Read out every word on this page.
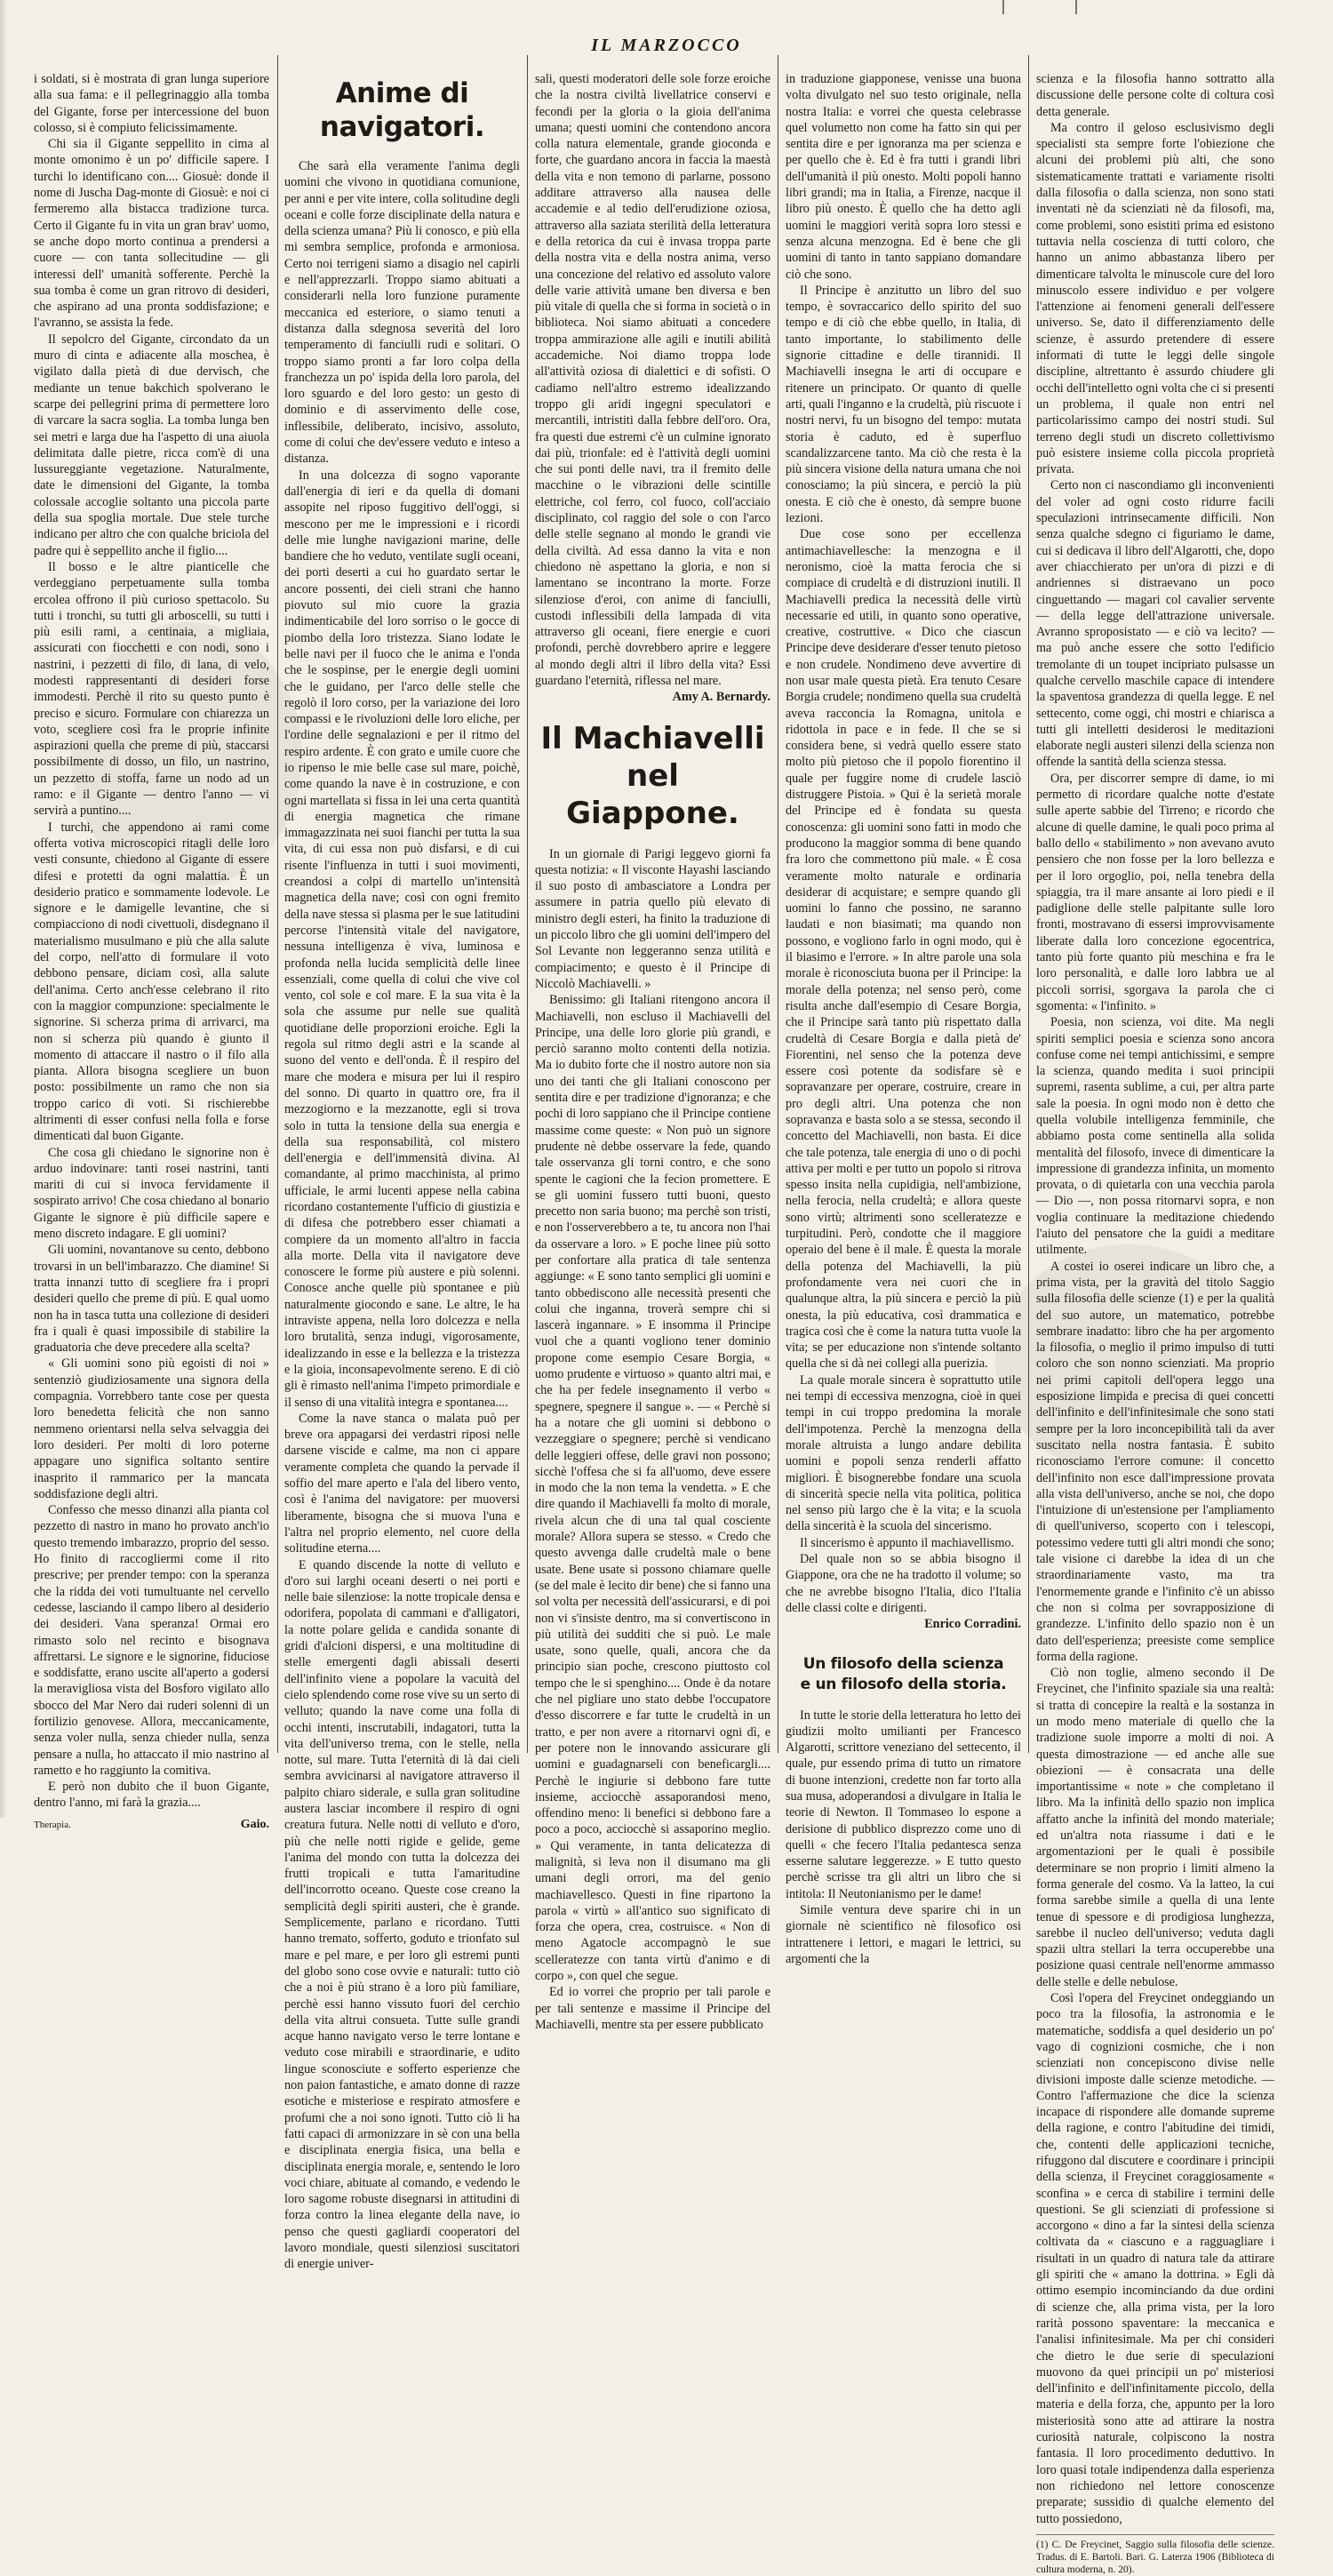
IL MARZOCCO

i soldati, si è mostrata di gran lunga superiore alla sua fama: e il pellegrinaggio alla tomba del Gigante, forse per intercessione del buon colosso, si è compiuto felicissimamente.

Chi sia il Gigante seppellito in cima al monte omonimo è un po' difficile sapere. I turchi lo identificano con.... Giosuè: donde il nome di Juscha Dag-monte di Giosuè: e noi ci fermeremo alla bistacca tradizione turca. Certo il Gigante fu in vita un gran brav' uomo, se anche dopo morto continua a prendersi a cuore — con tanta sollecitudine — gli interessi dell' umanità sofferente. Perchè la sua tomba è come un gran ritrovo di desideri, che aspirano ad una pronta soddisfazione; e l'avranno, se assista la fede.

Il sepolcro del Gigante, circondato da un muro di cinta e adiacente alla moschea, è vigilato dalla pietà di due dervisch, che mediante un tenue bakchich spolverano le scarpe dei pellegrini prima di permettere loro di varcare la sacra soglia. La tomba lunga ben sei metri e larga due ha l'aspetto di una aiuola delimitata dalle pietre, ricca com'è di una lussureggiante vegetazione. Naturalmente, date le dimensioni del Gigante, la tomba colossale accoglie soltanto una piccola parte della sua spoglia mortale. Due stele turche indicano per altro che con qualche briciola del padre qui è seppellito anche il figlio....

Il bosso e le altre pianticelle che verdeggiano perpetuamente sulla tomba ercolea offrono il più curioso spettacolo. Su tutti i tronchi, su tutti gli arboscelli, su tutti i più esili rami, a centinaia, a migliaia, assicurati con fiocchetti e con nodi, sono i nastrini, i pezzetti di filo, di lana, di velo, modesti rappresentanti di desideri forse immodesti. Perchè il rito su questo punto è preciso e sicuro. Formulare con chiarezza un voto, scegliere così fra le proprie infinite aspirazioni quella che preme di più, staccarsi possibilmente di dosso, un filo, un nastrino, un pezzetto di stoffa, farne un nodo ad un ramo: e il Gigante — dentro l'anno — vi servirà a puntino....

I turchi, che appendono ai rami come offerta votiva microscopici ritagli delle loro vesti consunte, chiedono al Gigante di essere difesi e protetti da ogni malattia. È un desiderio pratico e sommamente lodevole. Le signore e le damigelle levantine, che si compiacciono di nodi civettuoli, disdegnano il materialismo musulmano e più che alla salute del corpo, nell'atto di formulare il voto debbono pensare, diciam così, alla salute dell'anima. Certo anch'esse celebrano il rito con la maggior compunzione: specialmente le signorine. Si scherza prima di arrivarci, ma non si scherza più quando è giunto il momento di attaccare il nastro o il filo alla pianta. Allora bisogna scegliere un buon posto: possibilmente un ramo che non sia troppo carico di voti. Si rischierebbe altrimenti di esser confusi nella folla e forse dimenticati dal buon Gigante.

Che cosa gli chiedano le signorine non è arduo indovinare: tanti rosei nastrini, tanti mariti di cui si invoca fervidamente il sospirato arrivo! Che cosa chiedano al bonario Gigante le signore è più difficile sapere e meno discreto indagare. E gli uomini?

Gli uomini, novantanove su cento, debbono trovarsi in un bell'imbarazzo. Che diamine! Si tratta innanzi tutto di scegliere fra i propri desideri quello che preme di più. E qual uomo non ha in tasca tutta una collezione di desideri fra i quali è quasi impossibile di stabilire la graduatoria che deve precedere alla scelta?

« Gli uomini sono più egoisti di noi » sentenziò giudiziosamente una signora della compagnia. Vorrebbero tante cose per questa loro benedetta felicità che non sanno nemmeno orientarsi nella selva selvaggia dei loro desideri. Per molti di loro poterne appagare uno significa soltanto sentire inasprito il rammarico per la mancata soddisfazione degli altri.

Confesso che messo dinanzi alla pianta col pezzetto di nastro in mano ho provato anch'io questo tremendo imbarazzo, proprio del sesso. Ho finito di raccogliermi come il rito prescrive; per prender tempo: con la speranza che la ridda dei voti tumultuante nel cervello cedesse, lasciando il campo libero al desiderio dei desideri. Vana speranza! Ormai ero rimasto solo nel recinto e bisognava affrettarsi. Le signore e le signorine, fiduciose e soddisfatte, erano uscite all'aperto a godersi la meravigliosa vista del Bosforo vigilato allo sbocco del Mar Nero dai ruderi solenni di un fortilizio genovese. Allora, meccanicamente, senza voler nulla, senza chieder nulla, senza pensare a nulla, ho attaccato il mio nastrino al rametto e ho raggiunto la comitiva.

E però non dubito che il buon Gigante, dentro l'anno, mi farà la grazia....

Therapia.	Gaio.
Anime di navigatori.

Che sarà ella veramente l'anima degli uomini che vivono in quotidiana comunione, per anni e per vite intere, colla solitudine degli oceani e colle forze disciplinate della natura e della scienza umana? Più li conosco, e più ella mi sembra semplice, profonda e armoniosa. Certo noi terrigeni siamo a disagio nel capirli e nell'apprezzarli. Troppo siamo abituati a considerarli nella loro funzione puramente meccanica ed esteriore, o siamo tenuti a distanza dalla sdegnosa severità del loro temperamento di fanciulli rudi e solitari. O troppo siamo pronti a far loro colpa della franchezza un po' ispida della loro parola, del loro sguardo e del loro gesto: un gesto di dominio e di asservimento delle cose, inflessibile, deliberato, incisivo, assoluto, come di colui che dev'essere veduto e inteso a distanza.

In una dolcezza di sogno vaporante dall'energia di ieri e da quella di domani assopite nel riposo fuggitivo dell'oggi, si mescono per me le impressioni e i ricordi delle mie lunghe navigazioni marine, delle bandiere che ho veduto, ventilate sugli oceani, dei porti deserti a cui ho guardato sertar le ancore possenti, dei cieli strani che hanno piovuto sul mio cuore la grazia indimenticabile del loro sorriso o le gocce di piombo della loro tristezza. Siano lodate le belle navi per il fuoco che le anima e l'onda che le sospinse, per le energie degli uomini che le guidano, per l'arco delle stelle che regolò il loro corso, per la variazione dei loro compassi e le rivoluzioni delle loro eliche, per l'ordine delle segnalazioni e per il ritmo del respiro ardente. È con grato e umile cuore che io ripenso le mie belle case sul mare, poichè, come quando la nave è in costruzione, e con ogni martellata si fissa in lei una certa quantità di energia magnetica che rimane immagazzinata nei suoi fianchi per tutta la sua vita, di cui essa non può disfarsi, e di cui risente l'influenza in tutti i suoi movimenti, creandosi a colpi di martello un'intensità magnetica della nave; così con ogni fremito della nave stessa si plasma per le sue latitudini percorse l'intensità vitale del navigatore, nessuna intelligenza è viva, luminosa e profonda nella lucida semplicità delle linee essenziali, come quella di colui che vive col vento, col sole e col mare. E la sua vita è la sola che assume pur nelle sue qualità quotidiane delle proporzioni eroiche. Egli la regola sul ritmo degli astri e la scande al suono del vento e dell'onda. È il respiro del mare che modera e misura per lui il respiro del sonno. Di quarto in quattro ore, fra il mezzogiorno e la mezzanotte, egli si trova solo in tutta la tensione della sua energia e della sua responsabilità, col mistero dell'energia e dell'immensità divina. Al comandante, al primo macchinista, al primo ufficiale, le armi lucenti appese nella cabina ricordano costantemente l'ufficio di giustizia e di difesa che potrebbero esser chiamati a compiere da un momento all'altro in faccia alla morte. Della vita il navigatore deve conoscere le forme più austere e più solenni. Conosce anche quelle più spontanee e più naturalmente giocondo e sane. Le altre, le ha intraviste appena, nella loro dolcezza e nella loro brutalità, senza indugi, vigorosamente, idealizzando in esse e la bellezza e la tristezza e la gioia, inconsapevolmente sereno. E di ciò gli è rimasto nell'anima l'impeto primordiale e il senso di una vitalità integra e spontanea....

Come la nave stanca o malata può per breve ora appagarsi dei verdastri riposi nelle darsene viscide e calme, ma non ci appare veramente completa che quando la pervade il soffio del mare aperto e l'ala del libero vento, così è l'anima del navigatore: per muoversi liberamente, bisogna che si muova l'una e l'altra nel proprio elemento, nel cuore della solitudine eterna....

E quando discende la notte di velluto e d'oro sui larghi oceani deserti o nei porti e nelle baie silenziose: la notte tropicale densa e odorifera, popolata di cammani e d'alligatori, la notte polare gelida e candida sonante di gridi d'alcioni dispersi, e una moltitudine di stelle emergenti dagli abissali deserti dell'infinito viene a popolare la vacuità del cielo splendendo come rose vive su un serto di velluto; quando la nave come una folla di occhi intenti, inscrutabili, indagatori, tutta la vita dell'universo trema, con le stelle, nella notte, sul mare. Tutta l'eternità di là dai cieli sembra avvicinarsi al navigatore attraverso il palpito chiaro siderale, e sulla gran solitudine austera lasciar incombere il respiro di ogni creatura futura. Nelle notti di velluto e d'oro, più che nelle notti rigide e gelide, geme l'anima del mondo con tutta la dolcezza dei frutti tropicali e tutta l'amaritudine dell'incorrotto oceano. Queste cose creano la semplicità degli spiriti austeri, che è grande. Semplicemente, parlano e ricordano. Tutti hanno tremato, sofferto, goduto e trionfato sul mare e pel mare, e per loro gli estremi punti del globo sono cose ovvie e naturali: tutto ciò che a noi è più strano è a loro più familiare, perchè essi hanno vissuto fuori del cerchio della vita altrui consueta. Tutte sulle grandi acque hanno navigato verso le terre lontane e veduto cose mirabili e straordinarie, e udito lingue sconosciute e sofferto esperienze che non paion fantastiche, e amato donne di razze esotiche e misteriose e respirato atmosfere e profumi che a noi sono ignoti. Tutto ciò li ha fatti capaci di armonizzare in sè con una bella e disciplinata energia fisica, una bella e disciplinata energia morale, e, sentendo le loro voci chiare, abituate al comando, e vedendo le loro sagome robuste disegnarsi in attitudini di forza contro la linea elegante della nave, io penso che questi gagliardi cooperatori del lavoro mondiale, questi silenziosi suscitatori di energie univer-

sali, questi moderatori delle sole forze eroiche che la nostra civiltà livellatrice conservi e fecondi per la gloria o la gioia dell'anima umana; questi uomini che contendono ancora colla natura elementale, grande gioconda e forte, che guardano ancora in faccia la maestà della vita e non temono di parlarne, possono additare attraverso alla nausea delle accademie e al tedio dell'erudizione oziosa, attraverso alla saziata sterilità della letteratura e della retorica da cui è invasa troppa parte della nostra vita e della nostra anima, verso una concezione del relativo ed assoluto valore delle varie attività umane ben diversa e ben più vitale di quella che si forma in società o in biblioteca. Noi siamo abituati a concedere troppa ammirazione alle agili e inutili abilità accademiche. Noi diamo troppa lode all'attività oziosa di dialettici e di sofisti. O cadiamo nell'altro estremo idealizzando troppo gli aridi ingegni speculatori e mercantili, intristiti dalla febbre dell'oro. Ora, fra questi due estremi c'è un culmine ignorato dai più, trionfale: ed è l'attività degli uomini che sui ponti delle navi, tra il fremito delle macchine o le vibrazioni delle scintille elettriche, col ferro, col fuoco, coll'acciaio disciplinato, col raggio del sole o con l'arco delle stelle segnano al mondo le grandi vie della civiltà. Ad essa danno la vita e non chiedono nè aspettano la gloria, e non si lamentano se incontrano la morte. Forze silenziose d'eroi, con anime di fanciulli, custodi inflessibili della lampada di vita attraverso gli oceani, fiere energie e cuori profondi, perchè dovrebbero aprire e leggere al mondo degli altri il libro della vita? Essi guardano l'eternità, riflessa nel mare.

Amy A. Bernardy.

Il Machiavelli
nel Giappone.

In un giornale di Parigi leggevo giorni fa questa notizia: « Il visconte Hayashi lasciando il suo posto di ambasciatore a Londra per assumere in patria quello più elevato di ministro degli esteri, ha finito la traduzione di un piccolo libro che gli uomini dell'impero del Sol Levante non leggeranno senza utilità e compiacimento; e questo è il Principe di Niccolò Machiavelli. »

Benissimo: gli Italiani ritengono ancora il Machiavelli, non escluso il Machiavelli del Principe, una delle loro glorie più grandi, e perciò saranno molto contenti della notizia. Ma io dubito forte che il nostro autore non sia uno dei tanti che gli Italiani conoscono per sentita dire e per tradizione d'ignoranza; e che pochi di loro sappiano che il Principe contiene massime come queste: « Non può un signore prudente nè debbe osservare la fede, quando tale osservanza gli torni contro, e che sono spente le cagioni che la fecion promettere. E se gli uomini fussero tutti buoni, questo precetto non saria buono; ma perchè son tristi, e non l'osserverebbero a te, tu ancora non l'hai da osservare a loro. » E poche linee più sotto per confortare alla pratica di tale sentenza aggiunge: « E sono tanto semplici gli uomini e tanto obbediscono alle necessità presenti che colui che inganna, troverà sempre chi si lascerà ingannare. » E insomma il Principe vuol che a quanti vogliono tener dominio propone come esempio Cesare Borgia, « uomo prudente e virtuoso » quanto altri mai, e che ha per fedele insegnamento il verbo « spegnere, spegnere il sangue ». — « Perchè si ha a notare che gli uomini si debbono o vezzeggiare o spegnere; perchè si vendicano delle leggieri offese, delle gravi non possono; sicchè l'offesa che si fa all'uomo, deve essere in modo che la non tema la vendetta. » E che dire quando il Machiavelli fa molto di morale, rivela alcun che di una tal qual cosciente morale? Allora supera se stesso. « Credo che questo avvenga dalle crudeltà male o bene usate. Bene usate si possono chiamare quelle (se del male è lecito dir bene) che si fanno una sol volta per necessità dell'assicurarsi, e di poi non vi s'insiste dentro, ma si convertiscono in più utilità dei sudditi che si può. Le male usate, sono quelle, quali, ancora che da principio sian poche, crescono piuttosto col tempo che le si spenghino.... Onde è da notare che nel pigliare uno stato debbe l'occupatore d'esso discorrere e far tutte le crudeltà in un tratto, e per non avere a ritornarvi ogni dì, e per potere non le innovando assicurare gli uomini e guadagnarseli con beneficargli.... Perchè le ingiurie si debbono fare tutte insieme, acciocchè assaporandosi meno, offendino meno: li benefici si debbono fare a poco a poco, acciocchè si assaporino meglio. » Qui veramente, in tanta delicatezza di malignità, si leva non il disumano ma gli umani degli orrori, ma del genio machiavellesco. Questi in fine ripartono la parola « virtù » all'antico suo significato di forza che opera, crea, costruisce. « Non di meno Agatocle accompagnò le sue scelleratezze con tanta virtù d'animo e di corpo », con quel che segue.

Ed io vorrei che proprio per tali parole e per tali sentenze e massime il Principe del Machiavelli, mentre sta per essere pubblicato

in traduzione giapponese, venisse una buona volta divulgato nel suo testo originale, nella nostra Italia: e vorrei che questa celebrasse quel volumetto non come ha fatto sin qui per sentita dire e per ignoranza ma per scienza e per quello che è. Ed è fra tutti i grandi libri dell'umanità il più onesto. Molti popoli hanno libri grandi; ma in Italia, a Firenze, nacque il libro più onesto. È quello che ha detto agli uomini le maggiori verità sopra loro stessi e senza alcuna menzogna. Ed è bene che gli uomini di tanto in tanto sappiano domandare ciò che sono.

Il Principe è anzitutto un libro del suo tempo, è sovraccarico dello spirito del suo tempo e di ciò che ebbe quello, in Italia, di tanto importante, lo stabilimento delle signorie cittadine e delle tirannidi. Il Machiavelli insegna le arti di occupare e ritenere un principato. Or quanto di quelle arti, quali l'inganno e la crudeltà, più riscuote i nostri nervi, fu un bisogno del tempo: mutata storia è caduto, ed è superfluo scandalizzarcene tanto. Ma ciò che resta è la più sincera visione della natura umana che noi conosciamo; la più sincera, e perciò la più onesta. E ciò che è onesto, dà sempre buone lezioni.

Due cose sono per eccellenza antimachiavellesche: la menzogna e il neronismo, cioè la matta ferocia che si compiace di crudeltà e di distruzioni inutili. Il Machiavelli predica la necessità delle virtù necessarie ed utili, in quanto sono operative, creative, costruttive. « Dico che ciascun Principe deve desiderare d'esser tenuto pietoso e non crudele. Nondimeno deve avvertire di non usar male questa pietà. Era tenuto Cesare Borgia crudele; nondimeno quella sua crudeltà aveva racconcia la Romagna, unitola e ridottola in pace e in fede. Il che se si considera bene, si vedrà quello essere stato molto più pietoso che il popolo fiorentino il quale per fuggire nome di crudele lasciò distruggere Pistoia. » Qui è la serietà morale del Principe ed è fondata su questa conoscenza: gli uomini sono fatti in modo che producono la maggior somma di bene quando fra loro che commettono più male. « È cosa veramente molto naturale e ordinaria desiderar di acquistare; e sempre quando gli uomini lo fanno che possino, ne saranno laudati e non biasimati; ma quando non possono, e vogliono farlo in ogni modo, qui è il biasimo e l'errore. » In altre parole una sola morale è riconosciuta buona per il Principe: la morale della potenza; nel senso però, come risulta anche dall'esempio di Cesare Borgia, che il Principe sarà tanto più rispettato dalla crudeltà di Cesare Borgia e dalla pietà de' Fiorentini, nel senso che la potenza deve essere così potente da sodisfare sè e sopravanzare per operare, costruire, creare in pro degli altri. Una potenza che non sopravanza e basta solo a se stessa, secondo il concetto del Machiavelli, non basta. Ei dice che tale potenza, tale energia di uno o di pochi attiva per molti e per tutto un popolo si ritrova spesso insita nella cupidigia, nell'ambizione, nella ferocia, nella crudeltà; e allora queste sono virtù; altrimenti sono scelleratezze e turpitudini. Però, condotte che il maggiore operaio del bene è il male. È questa la morale della potenza del Machiavelli, la più profondamente vera nei cuori che in qualunque altra, la più sincera e perciò la più onesta, la più educativa, così drammatica e tragica così che è come la natura tutta vuole la vita; se per educazione non s'intende soltanto quella che si dà nei collegi alla puerizia.

La quale morale sincera è soprattutto utile nei tempi di eccessiva menzogna, cioè in quei tempi in cui troppo predomina la morale dell'impotenza. Perchè la menzogna della morale altruista a lungo andare debilita uomini e popoli senza renderli affatto migliori. È bisognerebbe fondare una scuola di sincerità specie nella vita politica, politica nel senso più largo che è la vita; e la scuola della sincerità è la scuola del sincerismo.

Il sincerismo è appunto il machiavellismo.

Del quale non so se abbia bisogno il Giappone, ora che ne ha tradotto il volume; so che ne avrebbe bisogno l'Italia, dico l'Italia delle classi colte e dirigenti.

Enrico Corradini.

Un filosofo della scienza
e un filosofo della storia.

In tutte le storie della letteratura ho letto dei giudizii molto umilianti per Francesco Algarotti, scrittore veneziano del settecento, il quale, pur essendo prima di tutto un rimatore di buone intenzioni, credette non far torto alla sua musa, adoperandosi a divulgare in Italia le teorie di Newton. Il Tommaseo lo espone a derisione di pubblico disprezzo come uno di quelli « che fecero l'Italia pedantesca senza esserne salutare leggerezze. » E tutto questo perchè scrisse tra gli altri un libro che si intitola: Il Neutonianismo per le dame!

Simile ventura deve sparire chi in un giornale nè scientifico nè filosofico osi intrattenere i lettori, e magari le lettrici, su argomenti che la

scienza e la filosofia hanno sottratto alla discussione delle persone colte di coltura così detta generale.

Ma contro il geloso esclusivismo degli specialisti sta sempre forte l'obiezione che alcuni dei problemi più alti, che sono sistematicamente trattati e variamente risolti dalla filosofia o dalla scienza, non sono stati inventati nè da scienziati nè da filosofi, ma, come problemi, sono esistiti prima ed esistono tuttavia nella coscienza di tutti coloro, che hanno un animo abbastanza libero per dimenticare talvolta le minuscole cure del loro minuscolo essere individuo e per volgere l'attenzione ai fenomeni generali dell'essere universo. Se, dato il differenziamento delle scienze, è assurdo pretendere di essere informati di tutte le leggi delle singole discipline, altrettanto è assurdo chiudere gli occhi dell'intelletto ogni volta che ci si presenti un problema, il quale non entri nel particolarissimo campo dei nostri studi. Sul terreno degli studi un discreto collettivismo può esistere insieme colla piccola proprietà privata.

Certo non ci nascondiamo gli inconvenienti del voler ad ogni costo ridurre facili speculazioni intrinsecamente difficili. Non senza qualche sdegno ci figuriamo le dame, cui si dedicava il libro dell'Algarotti, che, dopo aver chiacchierato per un'ora di pizzi e di andriennes si distraevano un poco cinguettando — magari col cavalier servente — della legge dell'attrazione universale. Avranno sproposistato — e ciò va lecito? — ma può anche essere che sotto l'edificio tremolante di un toupet incipriato pulsasse un qualche cervello maschile capace di intendere la spaventosa grandezza di quella legge. E nel settecento, come oggi, chi mostri e chiarisca a tutti gli intelletti desiderosi le meditazioni elaborate negli austeri silenzi della scienza non offende la santità della scienza stessa.

Ora, per discorrer sempre di dame, io mi permetto di ricordare qualche notte d'estate sulle aperte sabbie del Tirreno; e ricordo che alcune di quelle damine, le quali poco prima al ballo dello « stabilimento » non avevano avuto pensiero che non fosse per la loro bellezza e per il loro orgoglio, poi, nella tenebra della spiaggia, tra il mare ansante ai loro piedi e il padiglione delle stelle palpitante sulle loro fronti, mostravano di essersi improvvisamente liberate dalla loro concezione egocentrica, tanto più forte quanto più meschina e fra le loro personalità, e dalle loro labbra ue al piccoli sorrisi, sgorgava la parola che ci sgomenta: « l'infinito. »

Poesia, non scienza, voi dite. Ma negli spiriti semplici poesia e scienza sono ancora confuse come nei tempi antichissimi, e sempre la scienza, quando medita i suoi principii supremi, rasenta sublime, a cui, per altra parte sale la poesia. In ogni modo non è detto che quella volubile intelligenza femminile, che abbiamo posta come sentinella alla solida mentalità del filosofo, invece di dimenticare la impressione di grandezza infinita, un momento provata, o di quietarla con una vecchia parola — Dio —, non possa ritornarvi sopra, e non voglia continuare la meditazione chiedendo l'aiuto del pensatore che la guidi a meditare utilmente.

A costei io oserei indicare un libro che, a prima vista, per la gravità del titolo Saggio sulla filosofia delle scienze (1) e per la qualità del suo autore, un matematico, potrebbe sembrare inadatto: libro che ha per argomento la filosofia, o meglio il primo impulso di tutti coloro che son nonno scienziati. Ma proprio nei primi capitoli dell'opera leggo una esposizione limpida e precisa di quei concetti dell'infinito e dell'infinitesimale che sono stati sempre per la loro inconcepibilità tali da aver suscitato nella nostra fantasia. È subito riconosciamo l'errore comune: il concetto dell'infinito non esce dall'impressione provata alla vista dell'universo, anche se noi, che dopo l'intuizione di un'estensione per l'ampliamento di quell'universo, scoperto con i telescopi, potessimo vedere tutti gli altri mondi che sono; tale visione ci darebbe la idea di un che straordinariamente vasto, ma tra l'enormemente grande e l'infinito c'è un abisso che non si colma per sovrapposizione di grandezze. L'infinito dello spazio non è un dato dell'esperienza; preesiste come semplice forma della ragione.

Ciò non toglie, almeno secondo il De Freycinet, che l'infinito spaziale sia una realtà: si tratta di concepire la realtà e la sostanza in un modo meno materiale di quello che la tradizione suole imporre a molti di noi. A questa dimostrazione — ed anche alle sue obiezioni — è consacrata una delle importantissime « note » che completano il libro. Ma la infinità dello spazio non implica affatto anche la infinità del mondo materiale; ed un'altra nota riassume i dati e le argomentazioni per le quali è possibile determinare se non proprio i limiti almeno la forma generale del cosmo. Va la latteo, la cui forma sarebbe simile a quella di una lente tenue di spessore e di prodigiosa lunghezza, sarebbe il nucleo dell'universo; veduta dagli spazii ultra stellari la terra occuperebbe una posizione quasi centrale nell'enorme ammasso delle stelle e delle nebulose.

Così l'opera del Freycinet ondeggiando un poco tra la filosofia, la astronomia e le matematiche, soddisfa a quel desiderio un po' vago di cognizioni cosmiche, che i non scienziati non concepiscono divise nelle divisioni imposte dalle scienze metodiche. — Contro l'affermazione che dice la scienza incapace di rispondere alle domande supreme della ragione, e contro l'abitudine dei timidi, che, contenti delle applicazioni tecniche, rifuggono dal discutere e coordinare i principii della scienza, il Freycinet coraggiosamente « sconfina » e cerca di stabilire i termini delle questioni. Se gli scienziati di professione si accorgono « dino a far la sintesi della scienza coltivata da « ciascuno e a ragguagliare i risultati in un quadro di natura tale da attirare gli spiriti che « amano la dottrina. » Egli dà ottimo esempio incominciando da due ordini di scienze che, alla prima vista, per la loro rarità possono spaventare: la meccanica e l'analisi infinitesimale. Ma per chi consideri che dietro le due serie di speculazioni muovono da quei principii un po' misteriosi dell'infinito e dell'infinitamente piccolo, della materia e della forza, che, appunto per la loro misteriosità sono atte ad attirare la nostra curiosità naturale, colpiscono la nostra fantasia. Il loro procedimento deduttivo. In loro quasi totale indipendenza dalla esperienza non richiedono nel lettore conoscenze preparate; sussidio di qualche elemento del tutto possiedono,

(1) C. De Freycinet, Saggio sulla filosofia delle scienze. Tradus. di E. Bartoli. Bari. G. Laterza 1906 (Biblioteca di cultura moderna, n. 20).
